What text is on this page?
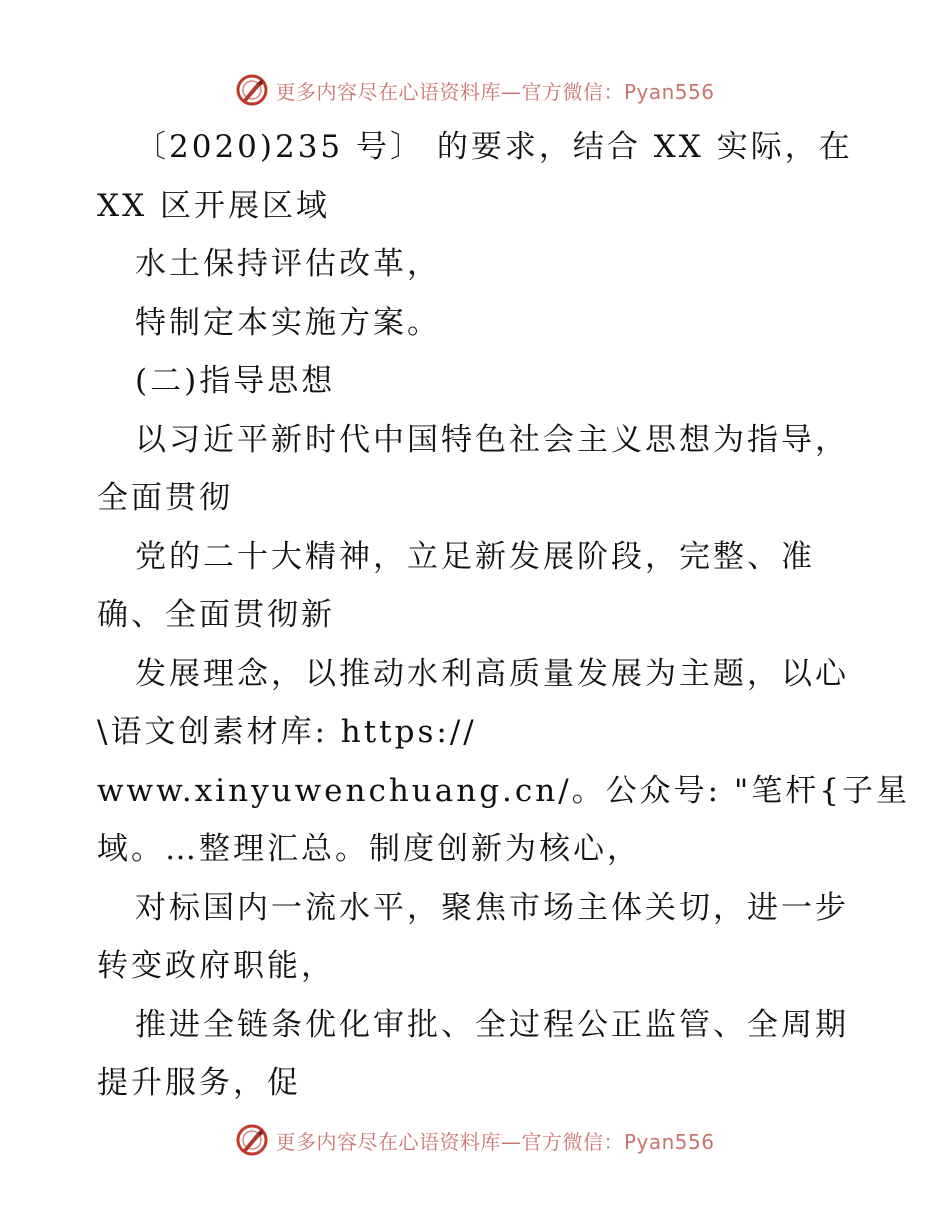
更多内容尽在心语资料库—官方微信：Pyan556
〔2020)235 号〕 的要求，结合 XX 实际，在
XX 区开展区域
水土保持评估改革，
特制定本实施方案。
(二)指导思想
以习近平新时代中国特色社会主义思想为指导，
全面贯彻
党的二十大精神，立足新发展阶段，完整、准
确、全面贯彻新
发展理念，以推动水利高质量发展为主题，以心
\语文创素材库: https://
www.xinyuwenchuang.cn/。公众号: "笔杆{子星
域。…整理汇总。制度创新为核心，
对标国内一流水平，聚焦市场主体关切，进一步
转变政府职能，
推进全链条优化审批、全过程公正监管、全周期
提升服务，促
更多内容尽在心语资料库—官方微信：Pyan556
